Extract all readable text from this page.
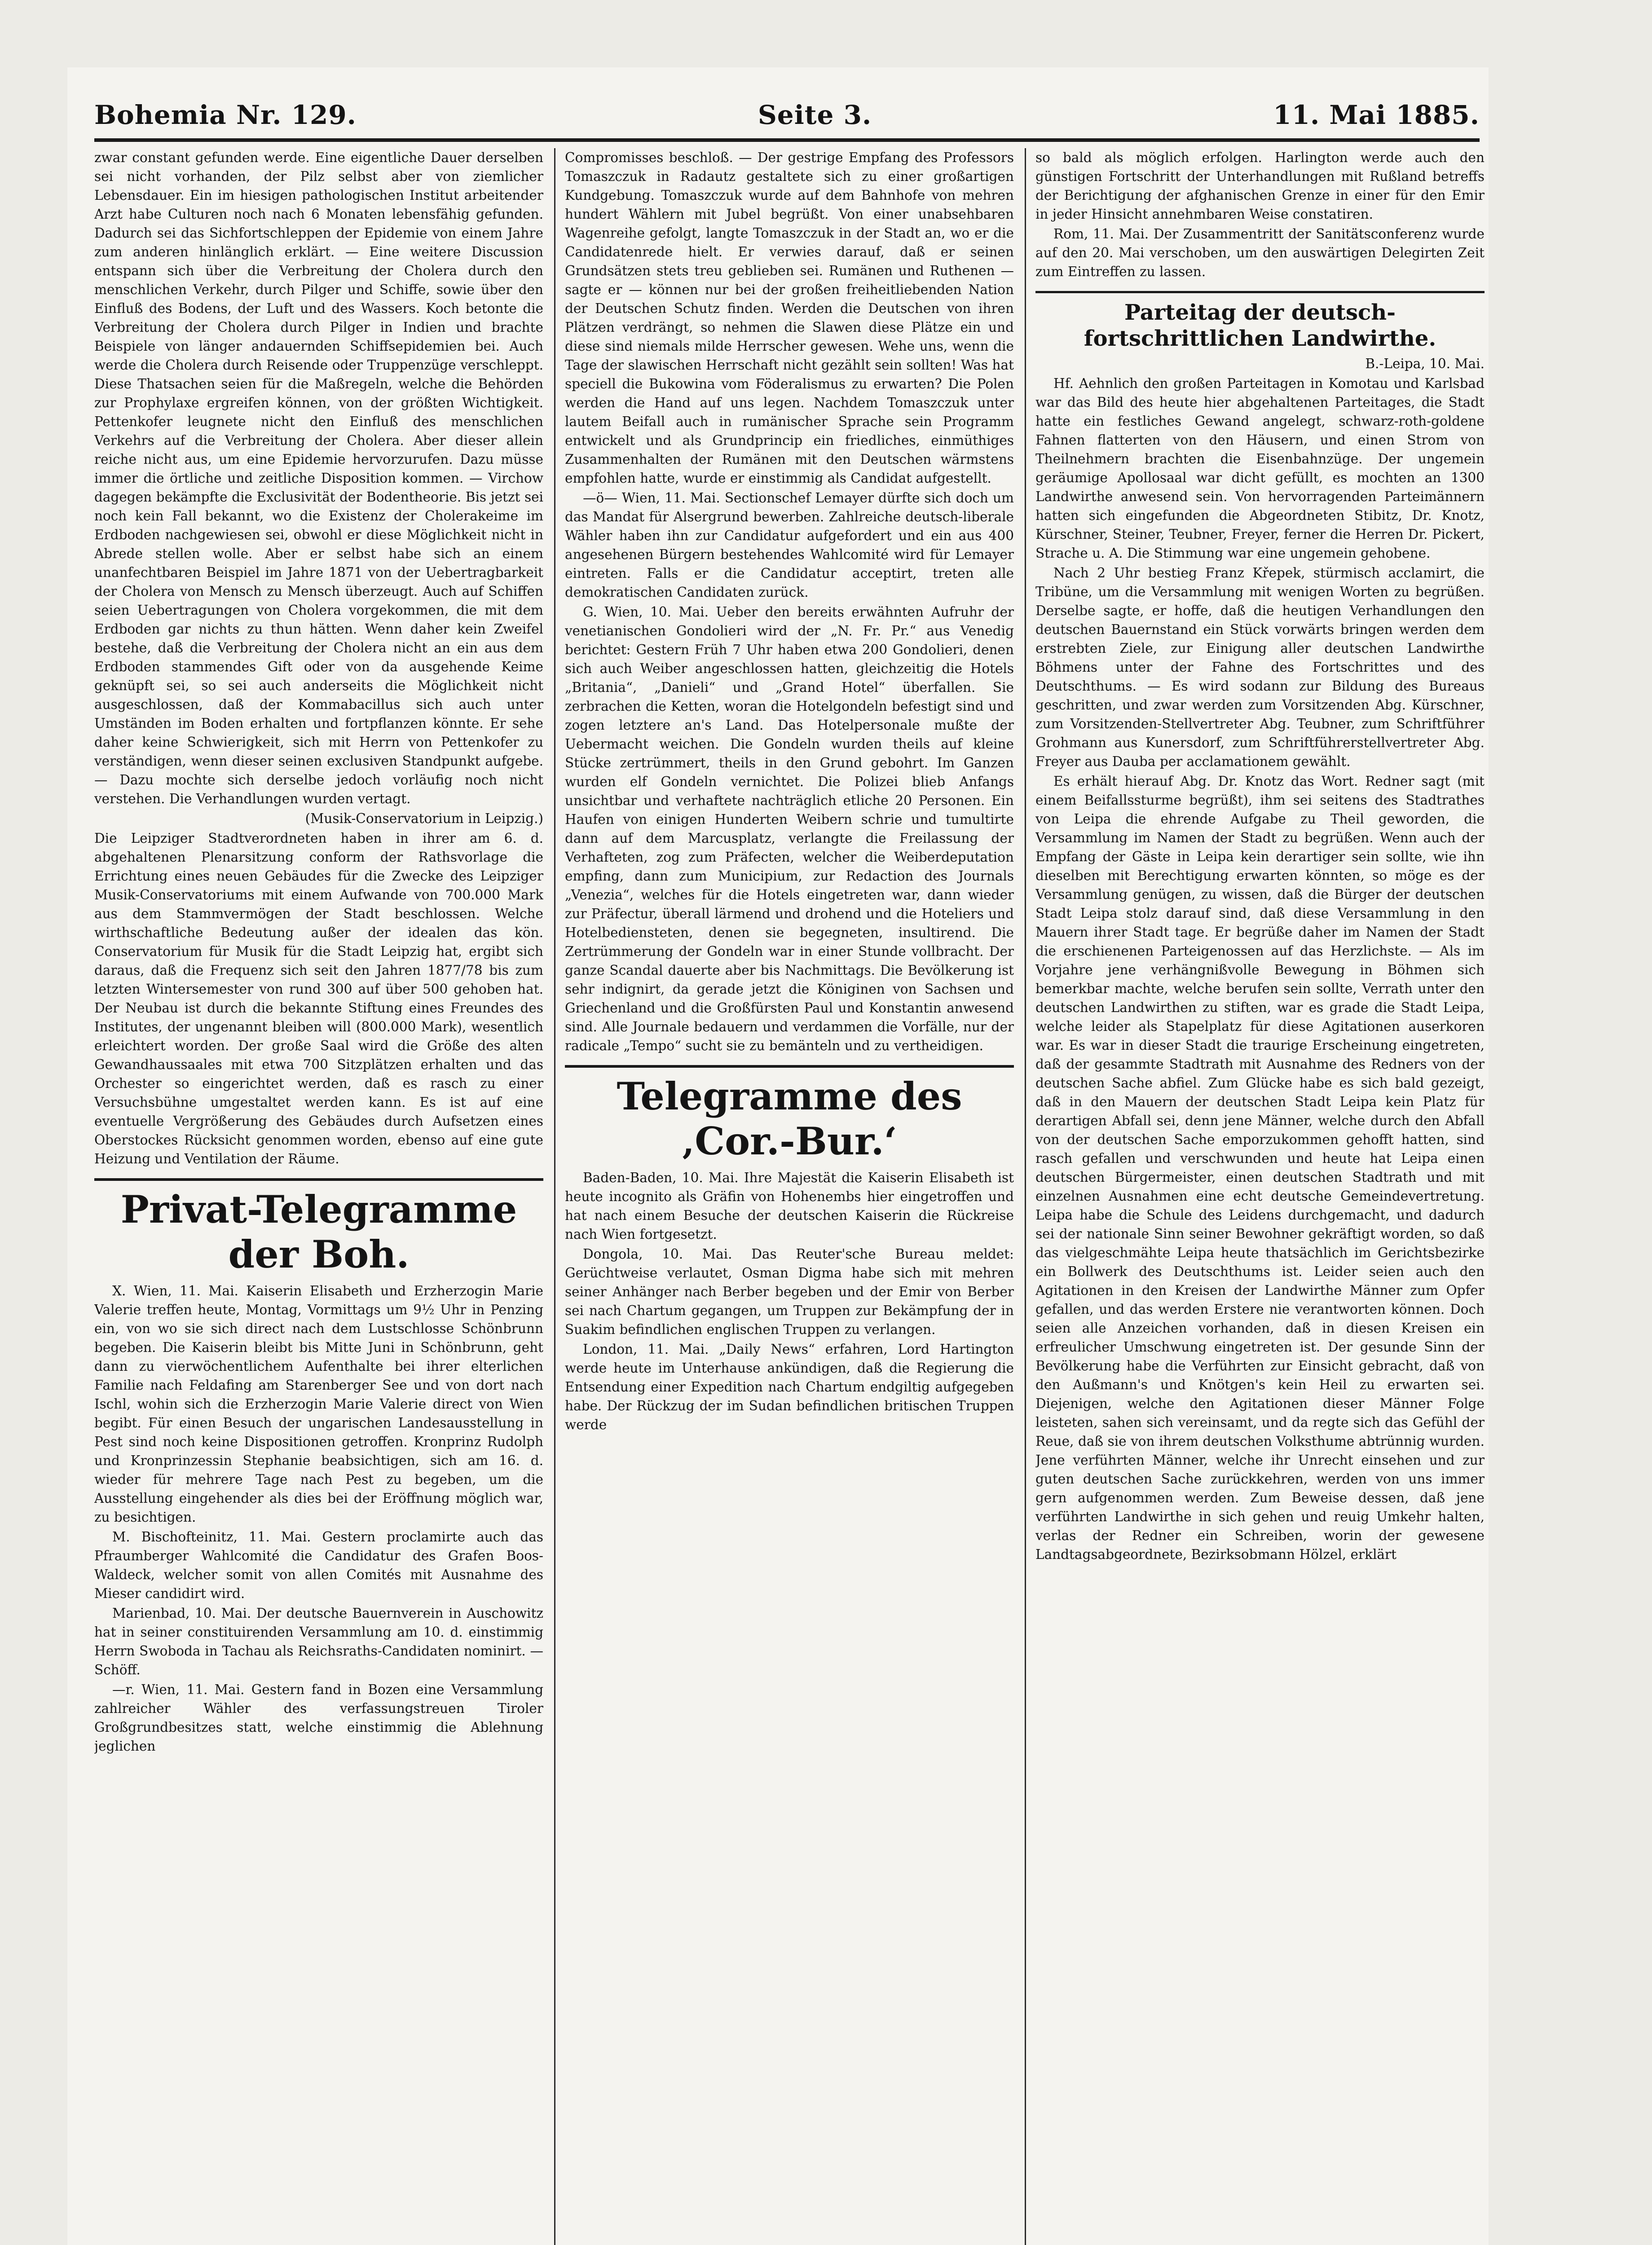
Bohemia Nr. 129.	Seite 3.	11. Mai 1885.

zwar constant gefunden werde. Eine eigentliche Dauer derselben sei nicht vorhanden, der Pilz selbst aber von ziemlicher Lebensdauer. Ein im hiesigen pathologischen Institut arbeitender Arzt habe Culturen noch nach 6 Monaten lebensfähig gefunden. Dadurch sei das Sichfortschleppen der Epidemie von einem Jahre zum anderen hinlänglich erklärt. — Eine weitere Discussion entspann sich über die Verbreitung der Cholera durch den menschlichen Verkehr, durch Pilger und Schiffe, sowie über den Einfluß des Bodens, der Luft und des Wassers. Koch betonte die Verbreitung der Cholera durch Pilger in Indien und brachte Beispiele von länger andauernden Schiffsepidemien bei. Auch werde die Cholera durch Reisende oder Truppenzüge verschleppt. Diese Thatsachen seien für die Maßregeln, welche die Behörden zur Prophylaxe ergreifen können, von der größten Wichtigkeit. Pettenkofer leugnete nicht den Einfluß des menschlichen Verkehrs auf die Verbreitung der Cholera. Aber dieser allein reiche nicht aus, um eine Epidemie hervorzurufen. Dazu müsse immer die örtliche und zeitliche Disposition kommen. — Virchow dagegen bekämpfte die Exclusivität der Bodentheorie. Bis jetzt sei noch kein Fall bekannt, wo die Existenz der Cholerakeime im Erdboden nachgewiesen sei, obwohl er diese Möglichkeit nicht in Abrede stellen wolle. Aber er selbst habe sich an einem unanfechtbaren Beispiel im Jahre 1871 von der Uebertragbarkeit der Cholera von Mensch zu Mensch überzeugt. Auch auf Schiffen seien Uebertragungen von Cholera vorgekommen, die mit dem Erdboden gar nichts zu thun hätten. Wenn daher kein Zweifel bestehe, daß die Verbreitung der Cholera nicht an ein aus dem Erdboden stammendes Gift oder von da ausgehende Keime geknüpft sei, so sei auch anderseits die Möglichkeit nicht ausgeschlossen, daß der Kommabacillus sich auch unter Umständen im Boden erhalten und fortpflanzen könnte. Er sehe daher keine Schwierigkeit, sich mit Herrn von Pettenkofer zu verständigen, wenn dieser seinen exclusiven Standpunkt aufgebe. — Dazu mochte sich derselbe jedoch vorläufig noch nicht verstehen. Die Verhandlungen wurden vertagt.

(Musik-Conservatorium in Leipzig.)

Die Leipziger Stadtverordneten haben in ihrer am 6. d. abgehaltenen Plenarsitzung conform der Rathsvorlage die Errichtung eines neuen Gebäudes für die Zwecke des Leipziger Musik-Conservatoriums mit einem Aufwande von 700.000 Mark aus dem Stammvermögen der Stadt beschlossen. Welche wirthschaftliche Bedeutung außer der idealen das kön. Conservatorium für Musik für die Stadt Leipzig hat, ergibt sich daraus, daß die Frequenz sich seit den Jahren 1877/78 bis zum letzten Wintersemester von rund 300 auf über 500 gehoben hat. Der Neubau ist durch die bekannte Stiftung eines Freundes des Institutes, der ungenannt bleiben will (800.000 Mark), wesentlich erleichtert worden. Der große Saal wird die Größe des alten Gewandhaussaales mit etwa 700 Sitzplätzen erhalten und das Orchester so eingerichtet werden, daß es rasch zu einer Versuchsbühne umgestaltet werden kann. Es ist auf eine eventuelle Vergrößerung des Gebäudes durch Aufsetzen eines Oberstockes Rücksicht genommen worden, ebenso auf eine gute Heizung und Ventilation der Räume.

Privat-Telegramme der Boh.

X. Wien, 11. Mai. Kaiserin Elisabeth und Erzherzogin Marie Valerie treffen heute, Montag, Vormittags um 9½ Uhr in Penzing ein, von wo sie sich direct nach dem Lustschlosse Schönbrunn begeben. Die Kaiserin bleibt bis Mitte Juni in Schönbrunn, geht dann zu vierwöchentlichem Aufenthalte bei ihrer elterlichen Familie nach Feldafing am Starenberger See und von dort nach Ischl, wohin sich die Erzherzogin Marie Valerie direct von Wien begibt. Für einen Besuch der ungarischen Landesausstellung in Pest sind noch keine Dispositionen getroffen. Kronprinz Rudolph und Kronprinzessin Stephanie beabsichtigen, sich am 16. d. wieder für mehrere Tage nach Pest zu begeben, um die Ausstellung eingehender als dies bei der Eröffnung möglich war, zu besichtigen.

M. Bischofteinitz, 11. Mai. Gestern proclamirte auch das Pfraumberger Wahlcomité die Candidatur des Grafen Boos-Waldeck, welcher somit von allen Comités mit Ausnahme des Mieser candidirt wird.

Marienbad, 10. Mai. Der deutsche Bauernverein in Auschowitz hat in seiner constituirenden Versammlung am 10. d. einstimmig Herrn Swoboda in Tachau als Reichsraths-Candidaten nominirt. — Schöff.

—r. Wien, 11. Mai. Gestern fand in Bozen eine Versammlung zahlreicher Wähler des verfassungstreuen Tiroler Großgrundbesitzes statt, welche einstimmig die Ablehnung jeglichen

Compromisses beschloß. — Der gestrige Empfang des Professors Tomaszczuk in Radautz gestaltete sich zu einer großartigen Kundgebung. Tomaszczuk wurde auf dem Bahnhofe von mehren hundert Wählern mit Jubel begrüßt. Von einer unabsehbaren Wagenreihe gefolgt, langte Tomaszczuk in der Stadt an, wo er die Candidatenrede hielt. Er verwies darauf, daß er seinen Grundsätzen stets treu geblieben sei. Rumänen und Ruthenen — sagte er — können nur bei der großen freiheitliebenden Nation der Deutschen Schutz finden. Werden die Deutschen von ihren Plätzen verdrängt, so nehmen die Slawen diese Plätze ein und diese sind niemals milde Herrscher gewesen. Wehe uns, wenn die Tage der slawischen Herrschaft nicht gezählt sein sollten! Was hat speciell die Bukowina vom Föderalismus zu erwarten? Die Polen werden die Hand auf uns legen. Nachdem Tomaszczuk unter lautem Beifall auch in rumänischer Sprache sein Programm entwickelt und als Grundprincip ein friedliches, einmüthiges Zusammenhalten der Rumänen mit den Deutschen wärmstens empfohlen hatte, wurde er einstimmig als Candidat aufgestellt.

—ö— Wien, 11. Mai. Sectionschef Lemayer dürfte sich doch um das Mandat für Alsergrund bewerben. Zahlreiche deutsch-liberale Wähler haben ihn zur Candidatur aufgefordert und ein aus 400 angesehenen Bürgern bestehendes Wahlcomité wird für Lemayer eintreten. Falls er die Candidatur acceptirt, treten alle demokratischen Candidaten zurück.

G. Wien, 10. Mai. Ueber den bereits erwähnten Aufruhr der venetianischen Gondolieri wird der „N. Fr. Pr.“ aus Venedig berichtet: Gestern Früh 7 Uhr haben etwa 200 Gondolieri, denen sich auch Weiber angeschlossen hatten, gleichzeitig die Hotels „Britania“, „Danieli“ und „Grand Hotel“ überfallen. Sie zerbrachen die Ketten, woran die Hotelgondeln befestigt sind und zogen letztere an's Land. Das Hotelpersonale mußte der Uebermacht weichen. Die Gondeln wurden theils auf kleine Stücke zertrümmert, theils in den Grund gebohrt. Im Ganzen wurden elf Gondeln vernichtet. Die Polizei blieb Anfangs unsichtbar und verhaftete nachträglich etliche 20 Personen. Ein Haufen von einigen Hunderten Weibern schrie und tumultirte dann auf dem Marcusplatz, verlangte die Freilassung der Verhafteten, zog zum Präfecten, welcher die Weiberdeputation empfing, dann zum Municipium, zur Redaction des Journals „Venezia“, welches für die Hotels eingetreten war, dann wieder zur Präfectur, überall lärmend und drohend und die Hoteliers und Hotelbediensteten, denen sie begegneten, insultirend. Die Zertrümmerung der Gondeln war in einer Stunde vollbracht. Der ganze Scandal dauerte aber bis Nachmittags. Die Bevölkerung ist sehr indignirt, da gerade jetzt die Königinen von Sachsen und Griechenland und die Großfürsten Paul und Konstantin anwesend sind. Alle Journale bedauern und verdammen die Vorfälle, nur der radicale „Tempo“ sucht sie zu bemänteln und zu vertheidigen.

Telegramme des ‚Cor.-Bur.‘

Baden-Baden, 10. Mai. Ihre Majestät die Kaiserin Elisabeth ist heute incognito als Gräfin von Hohenembs hier eingetroffen und hat nach einem Besuche der deutschen Kaiserin die Rückreise nach Wien fortgesetzt.

Dongola, 10. Mai. Das Reuter'sche Bureau meldet: Gerüchtweise verlautet, Osman Digma habe sich mit mehren seiner Anhänger nach Berber begeben und der Emir von Berber sei nach Chartum gegangen, um Truppen zur Bekämpfung der in Suakim befindlichen englischen Truppen zu verlangen.

London, 11. Mai. „Daily News“ erfahren, Lord Hartington werde heute im Unterhause ankündigen, daß die Regierung die Entsendung einer Expedition nach Chartum endgiltig aufgegeben habe. Der Rückzug der im Sudan befindlichen britischen Truppen werde

so bald als möglich erfolgen. Harlington werde auch den günstigen Fortschritt der Unterhandlungen mit Rußland betreffs der Berichtigung der afghanischen Grenze in einer für den Emir in jeder Hinsicht annehmbaren Weise constatiren.

Rom, 11. Mai. Der Zusammentritt der Sanitätsconferenz wurde auf den 20. Mai verschoben, um den auswärtigen Delegirten Zeit zum Eintreffen zu lassen.

Parteitag der deutsch-fortschrittlichen Landwirthe.

B.-Leipa, 10. Mai.

Hf. Aehnlich den großen Parteitagen in Komotau und Karlsbad war das Bild des heute hier abgehaltenen Parteitages, die Stadt hatte ein festliches Gewand angelegt, schwarz-roth-goldene Fahnen flatterten von den Häusern, und einen Strom von Theilnehmern brachten die Eisenbahnzüge. Der ungemein geräumige Apollosaal war dicht gefüllt, es mochten an 1300 Landwirthe anwesend sein. Von hervorragenden Parteimännern hatten sich eingefunden die Abgeordneten Stibitz, Dr. Knotz, Kürschner, Steiner, Teubner, Freyer, ferner die Herren Dr. Pickert, Strache u. A. Die Stimmung war eine ungemein gehobene.

Nach 2 Uhr bestieg Franz Křepek, stürmisch acclamirt, die Tribüne, um die Versammlung mit wenigen Worten zu begrüßen. Derselbe sagte, er hoffe, daß die heutigen Verhandlungen den deutschen Bauernstand ein Stück vorwärts bringen werden dem erstrebten Ziele, zur Einigung aller deutschen Landwirthe Böhmens unter der Fahne des Fortschrittes und des Deutschthums. — Es wird sodann zur Bildung des Bureaus geschritten, und zwar werden zum Vorsitzenden Abg. Kürschner, zum Vorsitzenden-Stellvertreter Abg. Teubner, zum Schriftführer Grohmann aus Kunersdorf, zum Schriftführerstellvertreter Abg. Freyer aus Dauba per acclamationem gewählt.

Es erhält hierauf Abg. Dr. Knotz das Wort. Redner sagt (mit einem Beifallssturme begrüßt), ihm sei seitens des Stadtrathes von Leipa die ehrende Aufgabe zu Theil geworden, die Versammlung im Namen der Stadt zu begrüßen. Wenn auch der Empfang der Gäste in Leipa kein derartiger sein sollte, wie ihn dieselben mit Berechtigung erwarten könnten, so möge es der Versammlung genügen, zu wissen, daß die Bürger der deutschen Stadt Leipa stolz darauf sind, daß diese Versammlung in den Mauern ihrer Stadt tage. Er begrüße daher im Namen der Stadt die erschienenen Parteigenossen auf das Herzlichste. — Als im Vorjahre jene verhängnißvolle Bewegung in Böhmen sich bemerkbar machte, welche berufen sein sollte, Verrath unter den deutschen Landwirthen zu stiften, war es grade die Stadt Leipa, welche leider als Stapelplatz für diese Agitationen auserkoren war. Es war in dieser Stadt die traurige Erscheinung eingetreten, daß der gesammte Stadtrath mit Ausnahme des Redners von der deutschen Sache abfiel. Zum Glücke habe es sich bald gezeigt, daß in den Mauern der deutschen Stadt Leipa kein Platz für derartigen Abfall sei, denn jene Männer, welche durch den Abfall von der deutschen Sache emporzukommen gehofft hatten, sind rasch gefallen und verschwunden und heute hat Leipa einen deutschen Bürgermeister, einen deutschen Stadtrath und mit einzelnen Ausnahmen eine echt deutsche Gemeindevertretung. Leipa habe die Schule des Leidens durchgemacht, und dadurch sei der nationale Sinn seiner Bewohner gekräftigt worden, so daß das vielgeschmähte Leipa heute thatsächlich im Gerichtsbezirke ein Bollwerk des Deutschthums ist. Leider seien auch den Agitationen in den Kreisen der Landwirthe Männer zum Opfer gefallen, und das werden Erstere nie verantworten können. Doch seien alle Anzeichen vorhanden, daß in diesen Kreisen ein erfreulicher Umschwung eingetreten ist. Der gesunde Sinn der Bevölkerung habe die Verführten zur Einsicht gebracht, daß von den Außmann's und Knötgen's kein Heil zu erwarten sei. Diejenigen, welche den Agitationen dieser Männer Folge leisteten, sahen sich vereinsamt, und da regte sich das Gefühl der Reue, daß sie von ihrem deutschen Volksthume abtrünnig wurden. Jene verführten Männer, welche ihr Unrecht einsehen und zur guten deutschen Sache zurückkehren, werden von uns immer gern aufgenommen werden. Zum Beweise dessen, daß jene verführten Landwirthe in sich gehen und reuig Umkehr halten, verlas der Redner ein Schreiben, worin der gewesene Landtagsabgeordnete, Bezirksobmann Hölzel, erklärt
